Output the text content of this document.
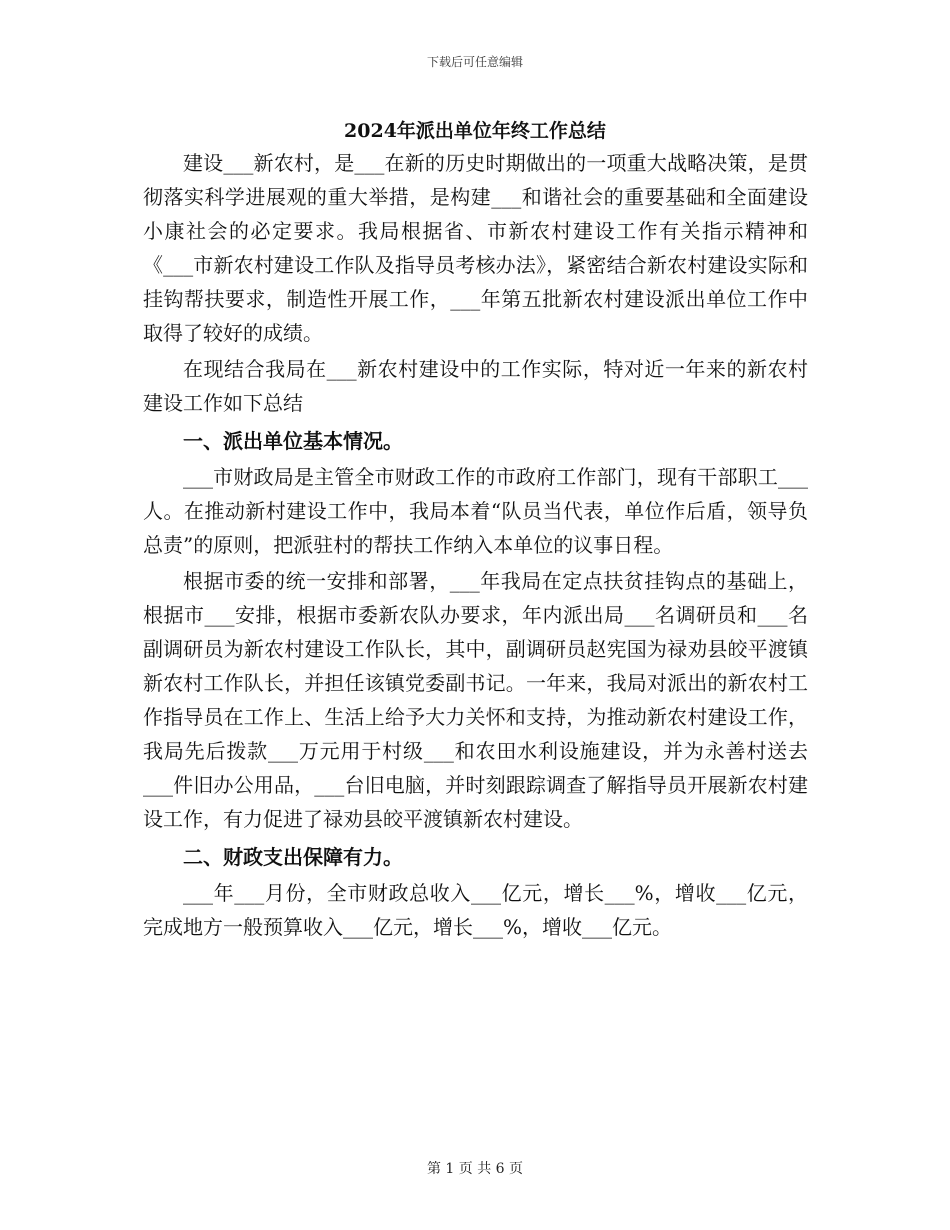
下载后可任意编辑
2024年派出单位年终工作总结

建设___新农村，是___在新的历史时期做出的一项重大战略决策，是贯彻落实科学进展观的重大举措，是构建___和谐社会的重要基础和全面建设小康社会的必定要求。我局根据省、市新农村建设工作有关指示精神和《___市新农村建设工作队及指导员考核办法》，紧密结合新农村建设实际和挂钩帮扶要求，制造性开展工作，___年第五批新农村建设派出单位工作中取得了较好的成绩。

在现结合我局在___新农村建设中的工作实际，特对近一年来的新农村建设工作如下总结

一、派出单位基本情况。

___市财政局是主管全市财政工作的市政府工作部门，现有干部职工___人。在推动新村建设工作中，我局本着“队员当代表，单位作后盾，领导负总责”的原则，把派驻村的帮扶工作纳入本单位的议事日程。

根据市委的统一安排和部署，___年我局在定点扶贫挂钩点的基础上，根据市___安排，根据市委新农队办要求，年内派出局___名调研员和___名副调研员为新农村建设工作队长，其中，副调研员赵宪国为禄劝县皎平渡镇新农村工作队长，并担任该镇党委副书记。一年来，我局对派出的新农村工作指导员在工作上、生活上给予大力关怀和支持，为推动新农村建设工作，我局先后拨款___万元用于村级___和农田水利设施建设，并为永善村送去___件旧办公用品，___台旧电脑，并时刻跟踪调查了解指导员开展新农村建设工作，有力促进了禄劝县皎平渡镇新农村建设。

二、财政支出保障有力。

___年___月份，全市财政总收入___亿元，增长___%，增收___亿元，完成地方一般预算收入___亿元，增长___%，增收___亿元。

第 1 页 共 6 页
